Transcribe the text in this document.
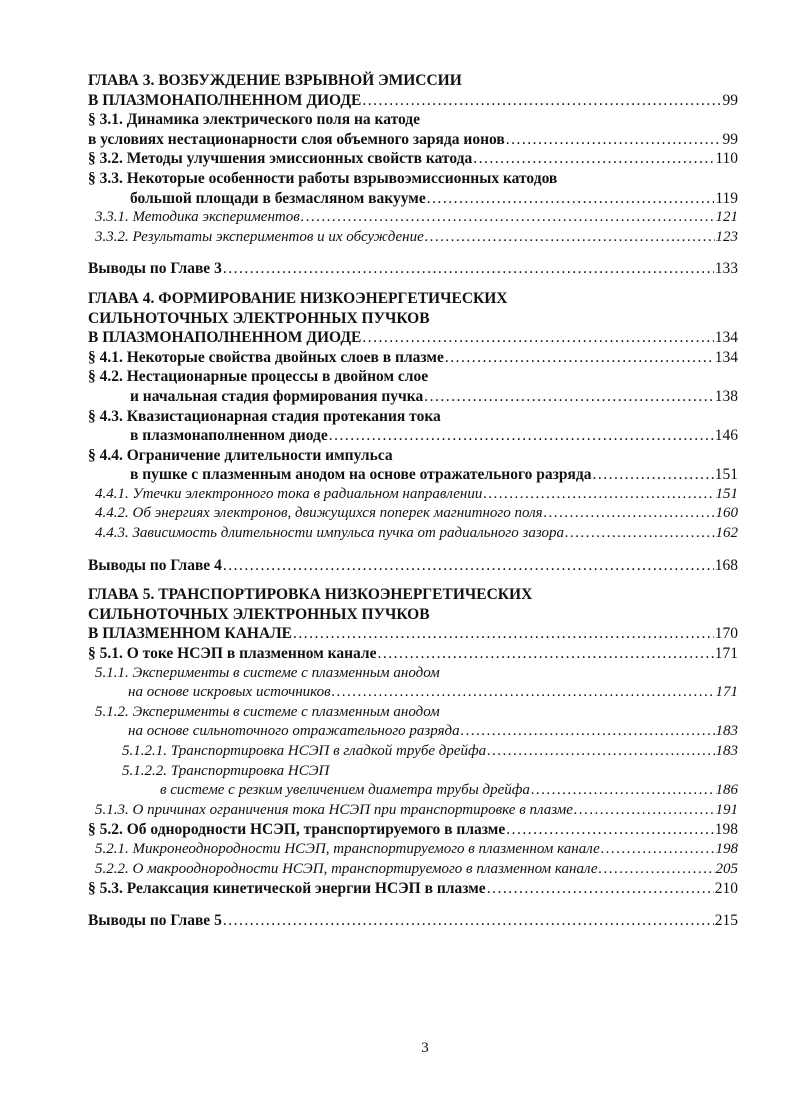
ГЛАВА 3. ВОЗБУЖДЕНИЕ ВЗРЫВНОЙ ЭМИССИИ
В ПЛАЗМОНАПОЛНЕННОМ ДИОДЕ .....	99
§ 3.1. Динамика электрического поля на катоде
в условиях нестационарности слоя объемного заряда ионов .....	99
§ 3.2. Методы улучшения эмиссионных свойств катода .....	110
§ 3.3. Некоторые особенности работы взрывоэмиссионных катодов
большой площади в безмасляном вакууме .....	119
3.3.1. Методика экспериментов .....	121
3.3.2. Результаты экспериментов и их обсуждение .....	123
Выводы по Главе 3 .....	133
ГЛАВА 4. ФОРМИРОВАНИЕ НИЗКОЭНЕРГЕТИЧЕСКИХ
СИЛЬНОТОЧНЫХ ЭЛЕКТРОННЫХ ПУЧКОВ
В ПЛАЗМОНАПОЛНЕННОМ ДИОДЕ .....	134
§ 4.1. Некоторые свойства двойных слоев в плазме .....	134
§ 4.2. Нестационарные процессы в двойном слое
и начальная стадия формирования пучка .....	138
§ 4.3. Квазистационарная стадия протекания тока
в плазмонаполненном диоде .....	146
§ 4.4. Ограничение длительности импульса
в пушке с плазменным анодом на основе отражательного разряда .....	151
4.4.1. Утечки электронного тока в радиальном направлении .....	151
4.4.2. Об энергиях электронов, движущихся поперек магнитного поля .....	160
4.4.3. Зависимость длительности импульса пучка от радиального зазора .....	162
Выводы по Главе 4 .....	168
ГЛАВА 5. ТРАНСПОРТИРОВКА НИЗКОЭНЕРГЕТИЧЕСКИХ
СИЛЬНОТОЧНЫХ ЭЛЕКТРОННЫХ ПУЧКОВ
В ПЛАЗМЕННОМ КАНАЛЕ .....	170
§ 5.1. О токе НСЭП в плазменном канале .....	171
5.1.1. Эксперименты в системе с плазменным анодом
на основе искровых источников .....	171
5.1.2. Эксперименты в системе с плазменным анодом
на основе сильноточного отражательного разряда .....	183
5.1.2.1. Транспортировка НСЭП в гладкой трубе дрейфа .....	183
5.1.2.2. Транспортировка НСЭП
в системе с резким увеличением диаметра трубы дрейфа .....	186
5.1.3. О причинах ограничения тока НСЭП при транспортировке в плазме .....	191
§ 5.2. Об однородности НСЭП, транспортируемого в плазме .....	198
5.2.1. Микронеоднородности НСЭП, транспортируемого в плазменном канале .....	198
5.2.2. О макрооднородности НСЭП, транспортируемого в плазменном канале .....	205
§ 5.3. Релаксация кинетической энергии НСЭП в плазме .....	210
Выводы по Главе 5 .....	215
3
